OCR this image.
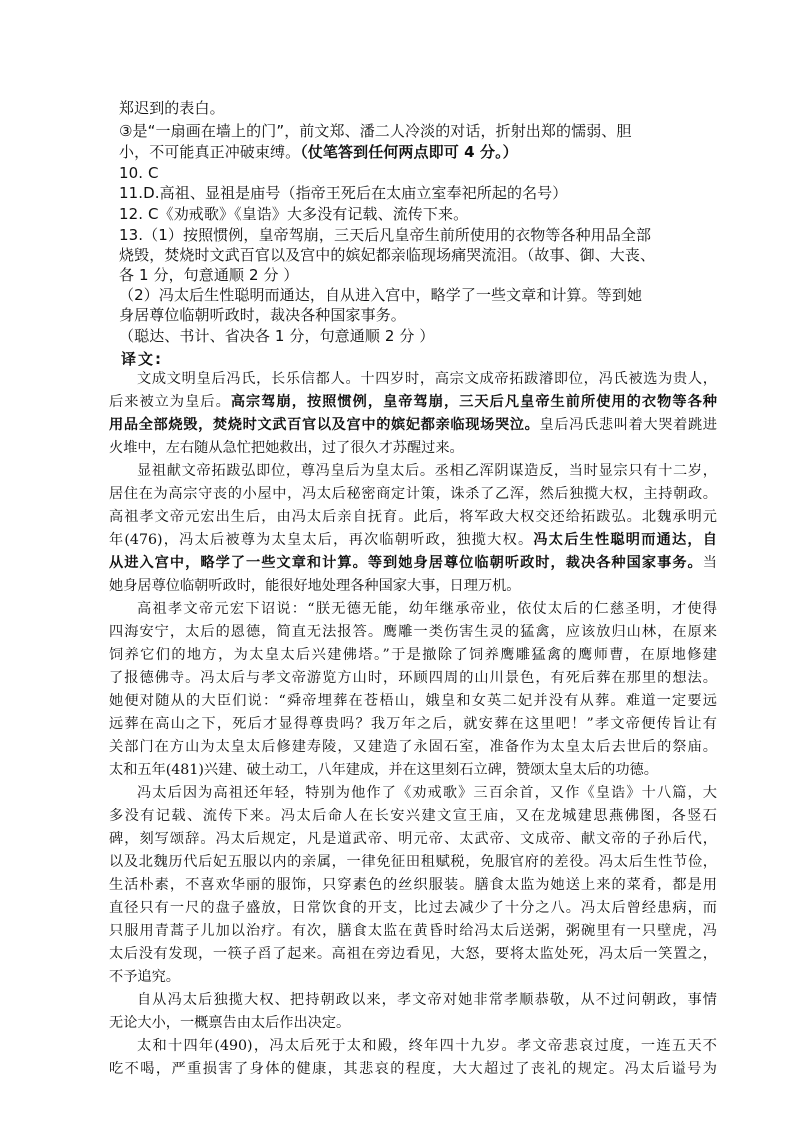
郑迟到的表白。
③是“一扇画在墙上的门”，前文郑、潘二人冷淡的对话，折射出郑的懦弱、胆
小，不可能真正冲破束缚。（仗笔答到任何两点即可 4 分。）
10. C
11.D.高祖、显祖是庙号（指帝王死后在太庙立室奉祀所起的名号）
12. C《劝戒歌》《皇诰》大多没有记载、流传下来。
13.（1）按照惯例，皇帝驾崩，三天后凡皇帝生前所使用的衣物等各种用品全部
烧毁，焚烧时文武百官以及宫中的嫔妃都亲临现场痛哭流泪。（故事、御、大丧、
各 1 分，句意通顺 2 分 ）
（2）冯太后生性聪明而通达，自从进入宫中，略学了一些文章和计算。等到她
身居尊位临朝听政时，裁决各种国家事务。
（聪达、书计、省决各 1 分，句意通顺 2 分 ）
译文:
文成文明皇后冯氏，长乐信都人。十四岁时，高宗文成帝拓跋濬即位，冯氏被选为贵人，
后来被立为皇后。高宗驾崩，按照惯例，皇帝驾崩，三天后凡皇帝生前所使用的衣物等各种
用品全部烧毁，焚烧时文武百官以及宫中的嫔妃都亲临现场哭泣。皇后冯氏悲叫着大哭着跳进
火堆中，左右随从急忙把她救出，过了很久才苏醒过来。
显祖献文帝拓跋弘即位，尊冯皇后为皇太后。丞相乙浑阴谋造反，当时显宗只有十二岁，
居住在为高宗守丧的小屋中，冯太后秘密商定计策，诛杀了乙浑，然后独揽大权，主持朝政。
高祖孝文帝元宏出生后，由冯太后亲自抚育。此后，将军政大权交还给拓跋弘。北魏承明元
年(476)，冯太后被尊为太皇太后，再次临朝听政，独揽大权。冯太后生性聪明而通达，自
从进入宫中，略学了一些文章和计算。等到她身居尊位临朝听政时，裁决各种国家事务。当
她身居尊位临朝听政时，能很好地处理各种国家大事，日理万机。
高祖孝文帝元宏下诏说：“朕无德无能，幼年继承帝业，依仗太后的仁慈圣明，才使得
四海安宁，太后的恩德，简直无法报答。鹰雕一类伤害生灵的猛禽，应该放归山林，在原来
饲养它们的地方，为太皇太后兴建佛塔。”于是撤除了饲养鹰雕猛禽的鹰师曹，在原地修建
了报德佛寺。冯太后与孝文帝游览方山时，环顾四周的山川景色，有死后葬在那里的想法。
她便对随从的大臣们说：“舜帝埋葬在苍梧山，娥皇和女英二妃并没有从葬。难道一定要远
远葬在高山之下，死后才显得尊贵吗？我万年之后，就安葬在这里吧！”孝文帝便传旨让有
关部门在方山为太皇太后修建寿陵，又建造了永固石室，准备作为太皇太后去世后的祭庙。
太和五年(481)兴建、破土动工，八年建成，并在这里刻石立碑，赞颂太皇太后的功德。
冯太后因为高祖还年轻，特别为他作了《劝戒歌》三百余首，又作《皇诰》十八篇，大
多没有记载、流传下来。冯太后命人在长安兴建文宣王庙，又在龙城建思燕佛图，各竖石
碑，刻写颂辞。冯太后规定，凡是道武帝、明元帝、太武帝、文成帝、献文帝的子孙后代，
以及北魏历代后妃五服以内的亲属，一律免征田租赋税，免服官府的差役。冯太后生性节俭，
生活朴素，不喜欢华丽的服饰，只穿素色的丝织服装。膳食太监为她送上来的菜肴，都是用
直径只有一尺的盘子盛放，日常饮食的开支，比过去减少了十分之八。冯太后曾经患病，而
只服用青蒿子儿加以治疗。有次，膳食太监在黄昏时给冯太后送粥，粥碗里有一只壁虎，冯
太后没有发现，一筷子舀了起来。高祖在旁边看见，大怒，要将太监处死，冯太后一笑置之，
不予追究。
自从冯太后独揽大权、把持朝政以来，孝文帝对她非常孝顺恭敬，从不过问朝政，事情
无论大小，一概禀告由太后作出决定。
太和十四年(490)，冯太后死于太和殿，终年四十九岁。孝文帝悲哀过度，一连五天不
吃不喝，严重损害了身体的健康，其悲哀的程度，大大超过了丧礼的规定。冯太后谥号为
